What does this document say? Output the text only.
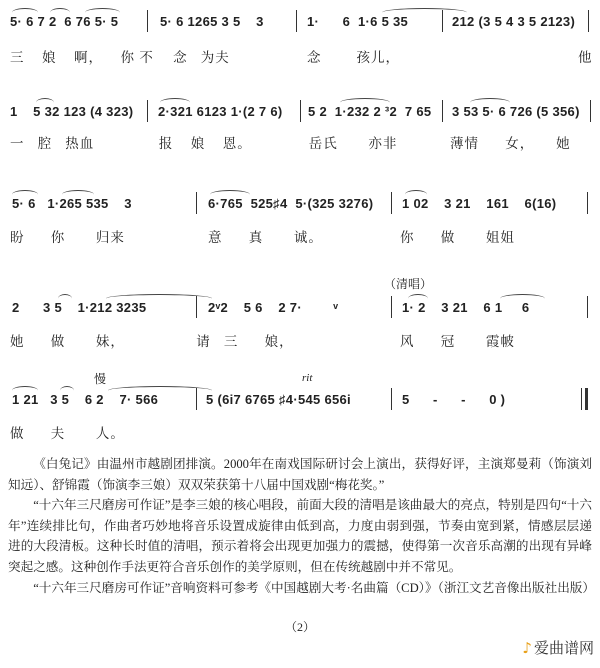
5· 6 7 2  6 76 5· 5	5· 6 1265 3 5    3	1·      6  1·6 5 35	212 (3 5 4 3 5 2123)
三    娘    啊，    你 不 念   为夫	念        孩儿，	他
1    5 32 123 (4 323) 2·321 6123 1·(2 7 6) 5 2  1·232 2 ³2  7 65 3 53 5· 6 726 (5 356)
一   腔   热血	报    娘    恩。	岳氏       亦非	薄情      女，     她
5· 6   1·265 535    3	6·765  525♯4  5·(325 3276) 1 02    3 21    161    6(16)
盼      你       归来	意      真       诚。	你      做       姐姐
（清唱）
2      3 5    1·212 3235	2ᵛ2    5 6    2 7·        ᵛ	1· 2    3 21    6 1     6
她      做       妹，	请   三      娘，	风      冠       霞帔
慢	rit
1 21   3 5    6 2    7· 566	5 (6i7 6765 ♯4·545 656i	5      -      -      0 )
做      夫       人。

《白兔记》由温州市越剧团排演。2000年在南戏国际研讨会上演出，获得好评，主演郑曼莉（饰演刘知远）、舒锦霞（饰演李三娘）双双荣获第十八届中国戏剧“梅花奖。”

“十六年三尺磨房可作证”是李三娘的核心唱段，前面大段的清唱是该曲最大的亮点，特别是四句“十六年”连续排比句，作曲者巧妙地将音乐设置成旋律由低到高，力度由弱到强，节奏由宽到紧，情感层层递进的大段清板。这种长时值的清唱，预示着将会出现更加强力的震撼，使得第一次音乐高潮的出现有异峰突起之感。这种创作手法更符合音乐创作的美学原则，但在传统越剧中并不常见。

“十六年三尺磨房可作证”音响资料可参考《中国越剧大考·名曲篇（CD）》（浙江文艺音像出版社出版）

（2）
♪ 爱曲谱网
